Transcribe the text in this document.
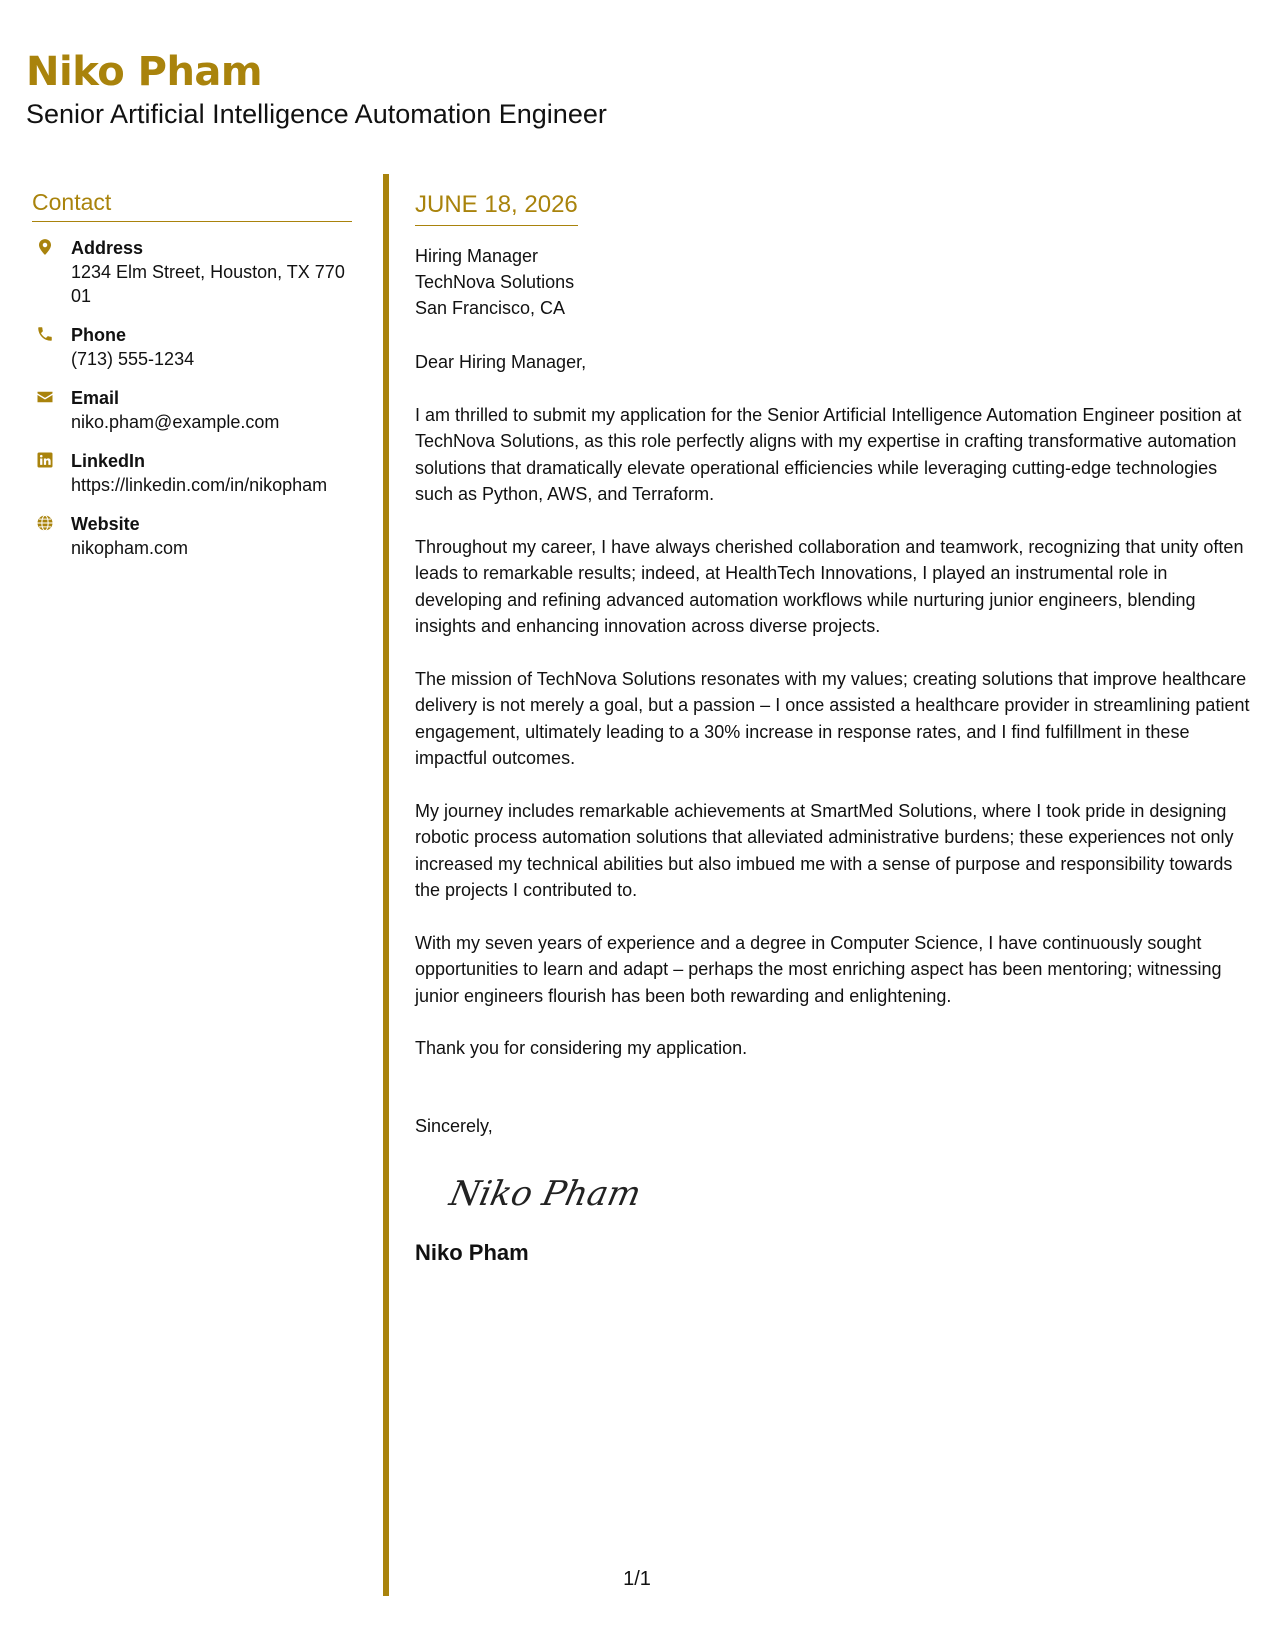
Niko Pham
Senior Artificial Intelligence Automation Engineer
Contact
Address
1234 Elm Street, Houston, TX 77001
Phone
(713) 555-1234
Email
niko.pham@example.com
LinkedIn
https://linkedin.com/in/nikopham
Website
nikopham.com
JUNE 18, 2026
Hiring Manager
TechNova Solutions
San Francisco, CA
Dear Hiring Manager,
I am thrilled to submit my application for the Senior Artificial Intelligence Automation Engineer position at TechNova Solutions, as this role perfectly aligns with my expertise in crafting transformative automation solutions that dramatically elevate operational efficiencies while leveraging cutting-edge technologies such as Python, AWS, and Terraform.
Throughout my career, I have always cherished collaboration and teamwork, recognizing that unity often leads to remarkable results; indeed, at HealthTech Innovations, I played an instrumental role in developing and refining advanced automation workflows while nurturing junior engineers, blending insights and enhancing innovation across diverse projects.
The mission of TechNova Solutions resonates with my values; creating solutions that improve healthcare delivery is not merely a goal, but a passion – I once assisted a healthcare provider in streamlining patient engagement, ultimately leading to a 30% increase in response rates, and I find fulfillment in these impactful outcomes.
My journey includes remarkable achievements at SmartMed Solutions, where I took pride in designing robotic process automation solutions that alleviated administrative burdens; these experiences not only increased my technical abilities but also imbued me with a sense of purpose and responsibility towards the projects I contributed to.
With my seven years of experience and a degree in Computer Science, I have continuously sought opportunities to learn and adapt – perhaps the most enriching aspect has been mentoring; witnessing junior engineers flourish has been both rewarding and enlightening.
Thank you for considering my application.
Sincerely,
Niko Pham
Niko Pham
1/1
